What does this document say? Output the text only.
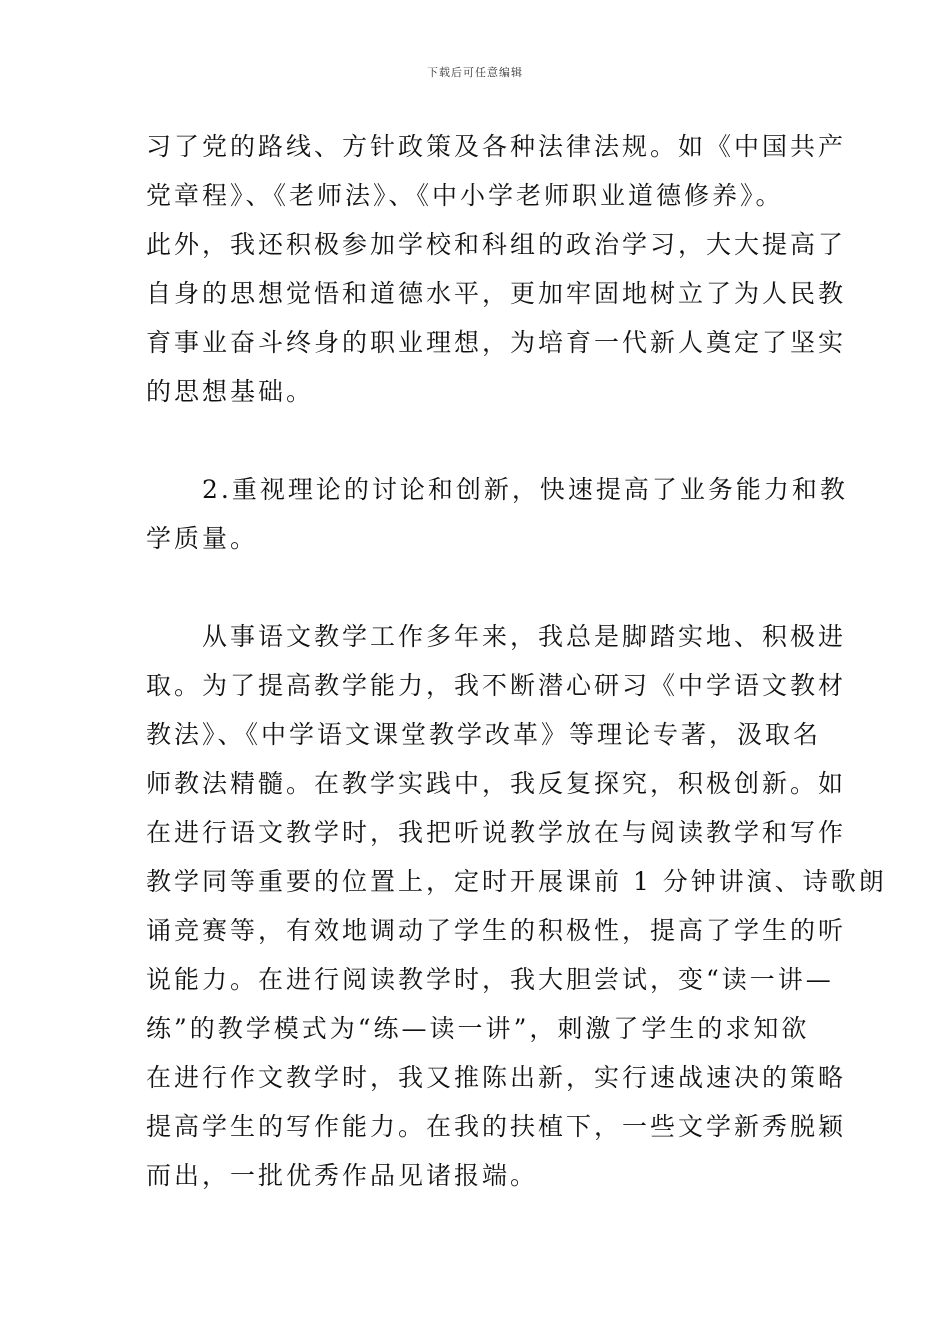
下载后可任意编辑
习了党的路线、方针政策及各种法律法规。如《中国共产
党章程》、《老师法》、《中小学老师职业道德修养》。
此外，我还积极参加学校和科组的政治学习，大大提高了
自身的思想觉悟和道德水平，更加牢固地树立了为人民教
育事业奋斗终身的职业理想，为培育一代新人奠定了坚实
的思想基础。
2.重视理论的讨论和创新，快速提高了业务能力和教
学质量。
从事语文教学工作多年来，我总是脚踏实地、积极进
取。为了提高教学能力，我不断潜心研习《中学语文教材
教法》、《中学语文课堂教学改革》等理论专著，汲取名
师教法精髓。在教学实践中，我反复探究，积极创新。如
在进行语文教学时，我把听说教学放在与阅读教学和写作
教学同等重要的位置上，定时开展课前 1 分钟讲演、诗歌朗
诵竞赛等，有效地调动了学生的积极性，提高了学生的听
说能力。在进行阅读教学时，我大胆尝试，变“读一讲—
练”的教学模式为“练—读一讲”，刺激了学生的求知欲
在进行作文教学时，我又推陈出新，实行速战速决的策略
提高学生的写作能力。在我的扶植下，一些文学新秀脱颖
而出，一批优秀作品见诸报端。
